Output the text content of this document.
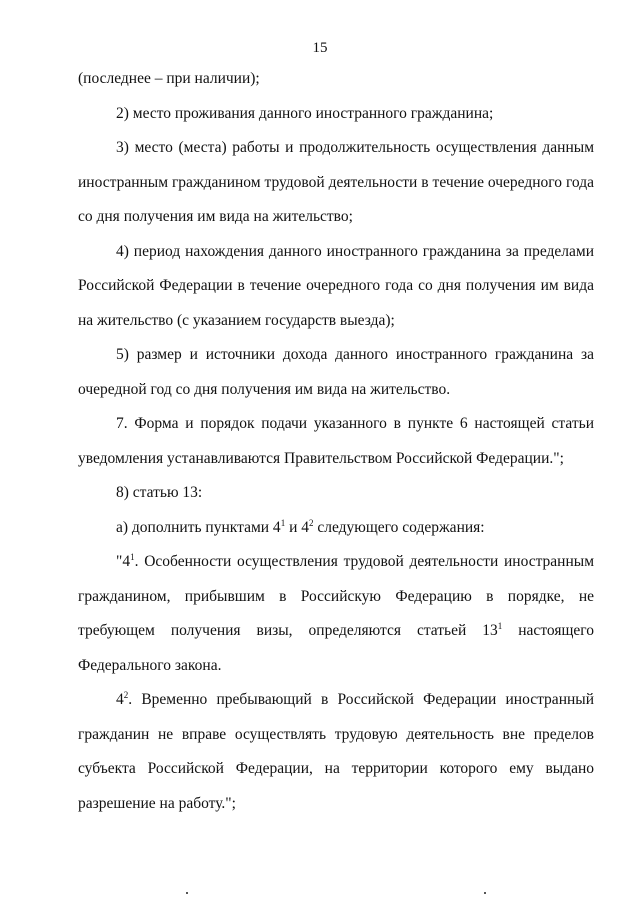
15

(последнее – при наличии);

2) место проживания данного иностранного гражданина;

3) место (места) работы и продолжительность осуществления данным иностранным гражданином трудовой деятельности в течение очередного года со дня получения им вида на жительство;

4) период нахождения данного иностранного гражданина за пределами Российской Федерации в течение очередного года со дня получения им вида на жительство (с указанием государств выезда);

5) размер и источники дохода данного иностранного гражданина за очередной год со дня получения им вида на жительство.

7. Форма и порядок подачи указанного в пункте 6 настоящей статьи уведомления устанавливаются Правительством Российской Федерации.";

8) статью 13:

а) дополнить пунктами $4^1$ и $4^2$ следующего содержания:

"$4^1$. Особенности осуществления трудовой деятельности иностранным гражданином, прибывшим в Российскую Федерацию в порядке, не требующем получения визы, определяются статьей $13^1$ настоящего Федерального закона.

$4^2$. Временно пребывающий в Российской Федерации иностранный гражданин не вправе осуществлять трудовую деятельность вне пределов субъекта Российской Федерации, на территории которого ему выдано разрешение на работу.";
